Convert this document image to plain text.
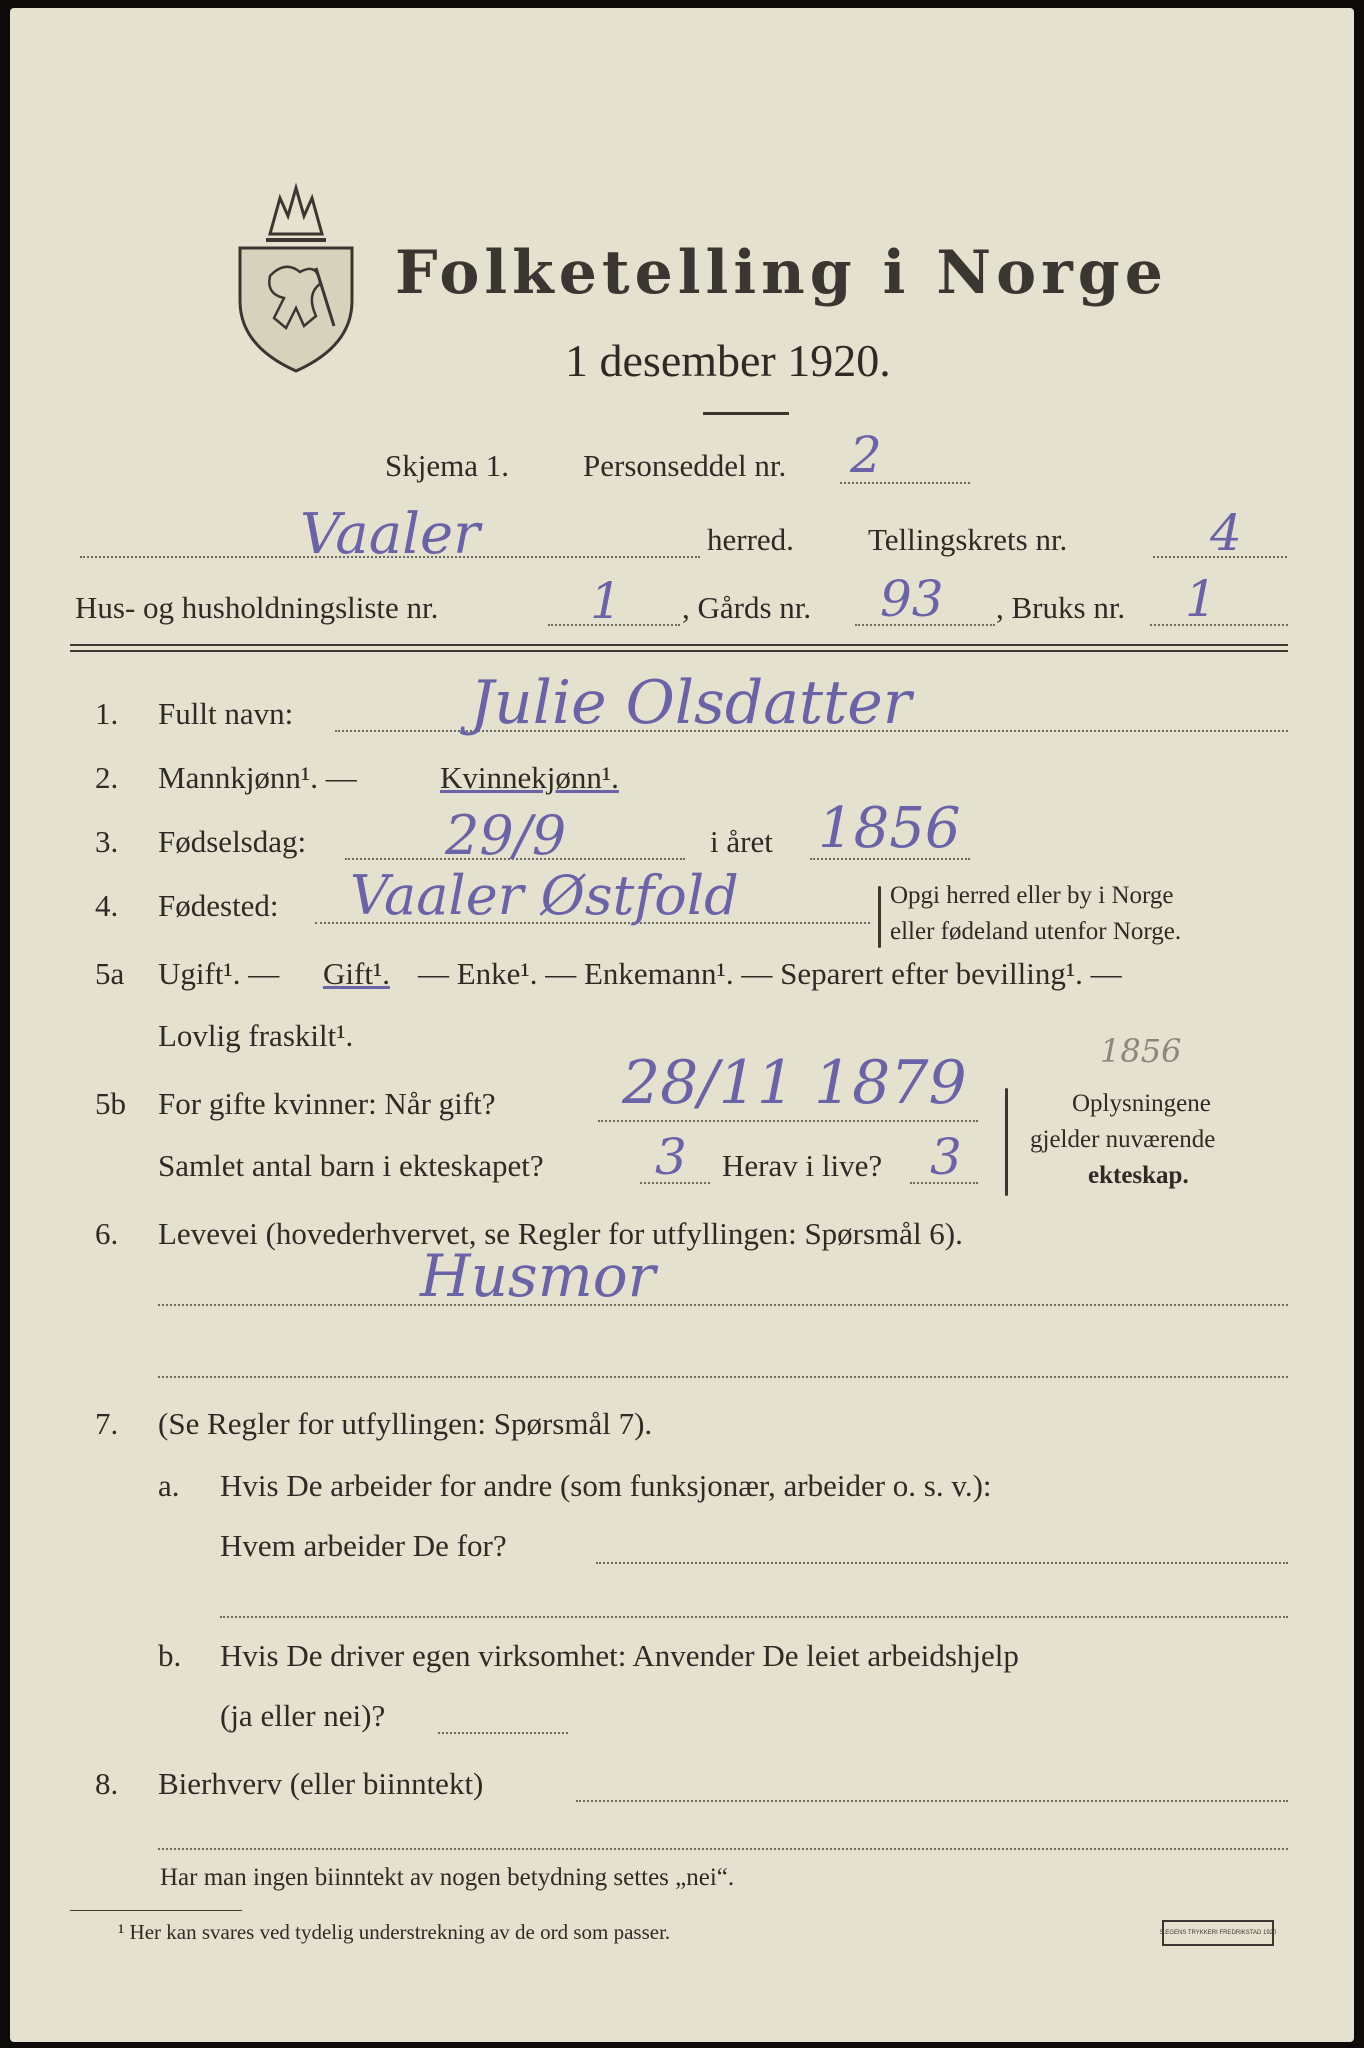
Folketelling i Norge
1 desember 1920.
Skjema 1. Personseddel nr. 2
Vaaler	herred. Tellingskrets nr.	4
Hus- og husholdningsliste nr.	1 , Gårds nr. 93 , Bruks nr. 1
1. Fullt navn:	Julie Olsdatter
2. Mannkjønn¹. —	Kvinnekjønn¹.
3. Fødselsdag:	29/9	i året 1856
4. Fødested: Vaaler Østfold	Opgi herred eller by i Norge
eller fødeland utenfor Norge.
5a Ugift¹. — Gift¹. — Enke¹. — Enkemann¹. — Separert efter bevilling¹. —
Lovlig fraskilt¹.	1856
5b For gifte kvinner: Når gift? 28/11 1879
Samlet antal barn i ekteskapet? 3 Herav i live? 3
Oplysningene
gjelder nuværende
ekteskap.
6. Levevei (hovederhvervet, se Regler for utfyllingen: Spørsmål 6).
Husmor
7. (Se Regler for utfyllingen: Spørsmål 7).
a. Hvis De arbeider for andre (som funksjonær, arbeider o. s. v.):
Hvem arbeider De for?
b. Hvis De driver egen virksomhet: Anvender De leiet arbeidshjelp
(ja eller nei)?
8. Bierhverv (eller biinntekt)
Har man ingen biinntekt av nogen betydning settes „nei“.
¹ Her kan svares ved tydelig understrekning av de ord som passer.	S.EGENS TRYKKERI FREDRIKSTAD 1920
